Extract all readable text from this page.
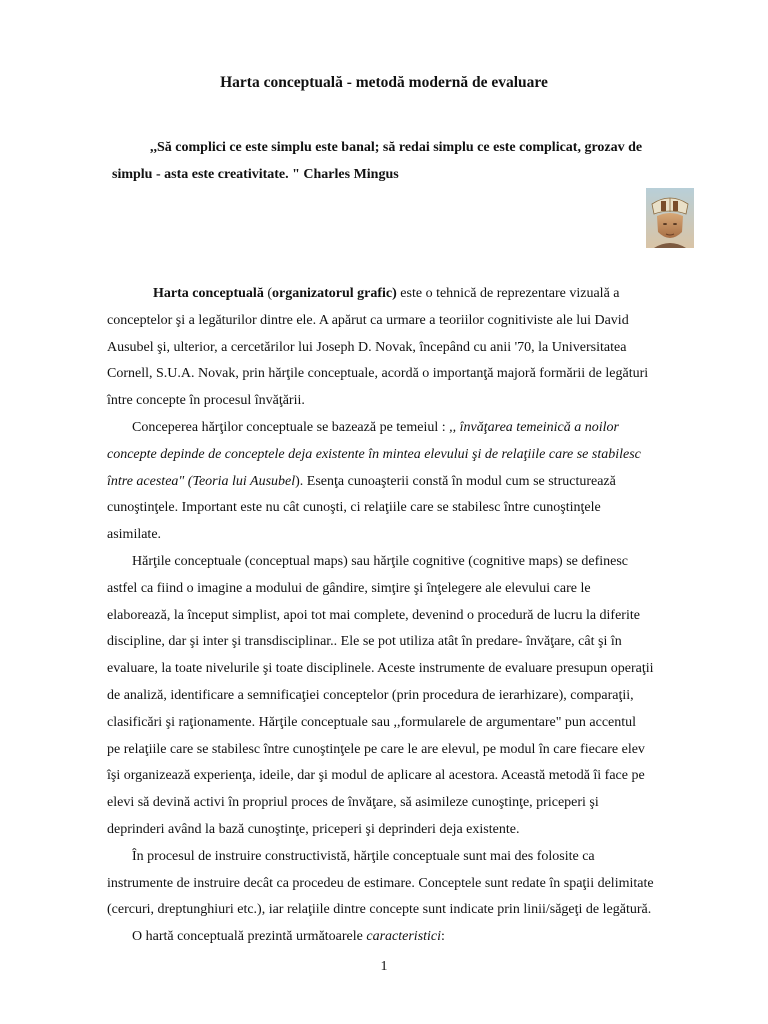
Harta conceptuală - metodă modernă de evaluare
,,Să complici ce este simplu este banal; să redai simplu ce este complicat, grozav de
simplu - asta este creativitate. " Charles Mingus

Harta conceptuală (organizatorul grafic) este o tehnică de reprezentare vizuală a
conceptelor şi a legăturilor dintre ele. A apărut ca urmare a teoriilor cognitiviste ale lui David
Ausubel şi, ulterior, a cercetărilor lui Joseph D. Novak, începând cu anii '70, la Universitatea
Cornell, S.U.A. Novak, prin hărţile conceptuale, acordă o importanţă majoră formării de legături
între concepte în procesul învăţării.

Conceperea hărţilor conceptuale se bazează pe temeiul : ,, învăţarea temeinică a noilor
concepte depinde de conceptele deja existente în mintea elevului şi de relaţiile care se stabilesc
între acestea" (Teoria lui Ausubel). Esenţa cunoaşterii constă în modul cum se structurează
cunoştinţele. Important este nu cât cunoşti, ci relaţiile care se stabilesc între cunoştinţele
asimilate.

Hărţile conceptuale (conceptual maps) sau hărţile cognitive (cognitive maps) se definesc
astfel ca fiind o imagine a modului de gândire, simţire şi înţelegere ale elevului care le
elaborează, la început simplist, apoi tot mai complete, devenind o procedură de lucru la diferite
discipline, dar şi inter şi transdisciplinar.. Ele se pot utiliza atât în predare- învăţare, cât şi în
evaluare, la toate nivelurile şi toate disciplinele. Aceste instrumente de evaluare presupun operaţii
de analiză, identificare a semnificaţiei conceptelor (prin procedura de ierarhizare), comparaţii,
clasificări şi raţionamente. Hărţile conceptuale sau ,,formularele de argumentare" pun accentul
pe relaţiile care se stabilesc între cunoştinţele pe care le are elevul, pe modul în care fiecare elev
îşi organizează experienţa, ideile, dar şi modul de aplicare al acestora. Această metodă îi face pe
elevi să devină activi în propriul proces de învăţare, să asimileze cunoştinţe, priceperi şi
deprinderi având la bază cunoştinţe, priceperi şi deprinderi deja existente.

În procesul de instruire constructivistă, hărţile conceptuale sunt mai des folosite ca
instrumente de instruire decât ca procedeu de estimare. Conceptele sunt redate în spaţii delimitate
(cercuri, dreptunghiuri etc.), iar relaţiile dintre concepte sunt indicate prin linii/săgeţi de legătură.

O hartă conceptuală prezintă următoarele caracteristici:

1
